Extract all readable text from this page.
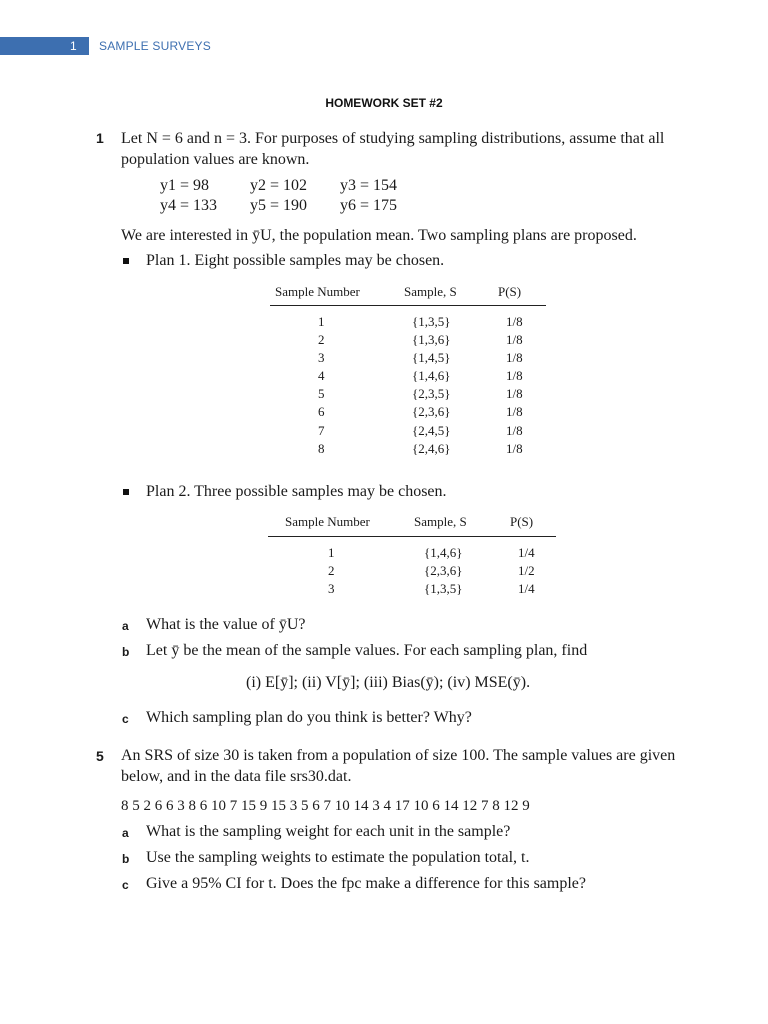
1 SAMPLE SURVEYS
HOMEWORK SET #2
1 Let N = 6 and n = 3. For purposes of studying sampling distributions, assume that all
population values are known.
y1 = 98	y2 = 102 y3 = 154
y4 = 133 y5 = 190 y6 = 175
We are interested in ȳU, the population mean. Two sampling plans are proposed.
Plan 1. Eight possible samples may be chosen.
Sample Number	Sample, S	P(S)
1	{1,3,5}	1/8
2	{1,3,6}	1/8
3	{1,4,5}	1/8
4	{1,4,6}	1/8
5	{2,3,5}	1/8
6	{2,3,6}	1/8
7	{2,4,5}	1/8
8	{2,4,6}	1/8
Plan 2. Three possible samples may be chosen.
Sample Number	Sample, S	P(S)
1	{1,4,6}	1/4
2	{2,3,6}	1/2
3	{1,3,5}	1/4
a What is the value of ȳU?
b Let ȳ be the mean of the sample values. For each sampling plan, find
(i) E[ȳ]; (ii) V[ȳ]; (iii) Bias(ȳ); (iv) MSE(ȳ).
c Which sampling plan do you think is better? Why?
5 An SRS of size 30 is taken from a population of size 100. The sample values are given
below, and in the data file srs30.dat.
8 5 2 6 6 3 8 6 10 7 15 9 15 3 5 6 7 10 14 3 4 17 10 6 14 12 7 8 12 9
a What is the sampling weight for each unit in the sample?
b Use the sampling weights to estimate the population total, t.
c Give a 95% CI for t. Does the fpc make a difference for this sample?
